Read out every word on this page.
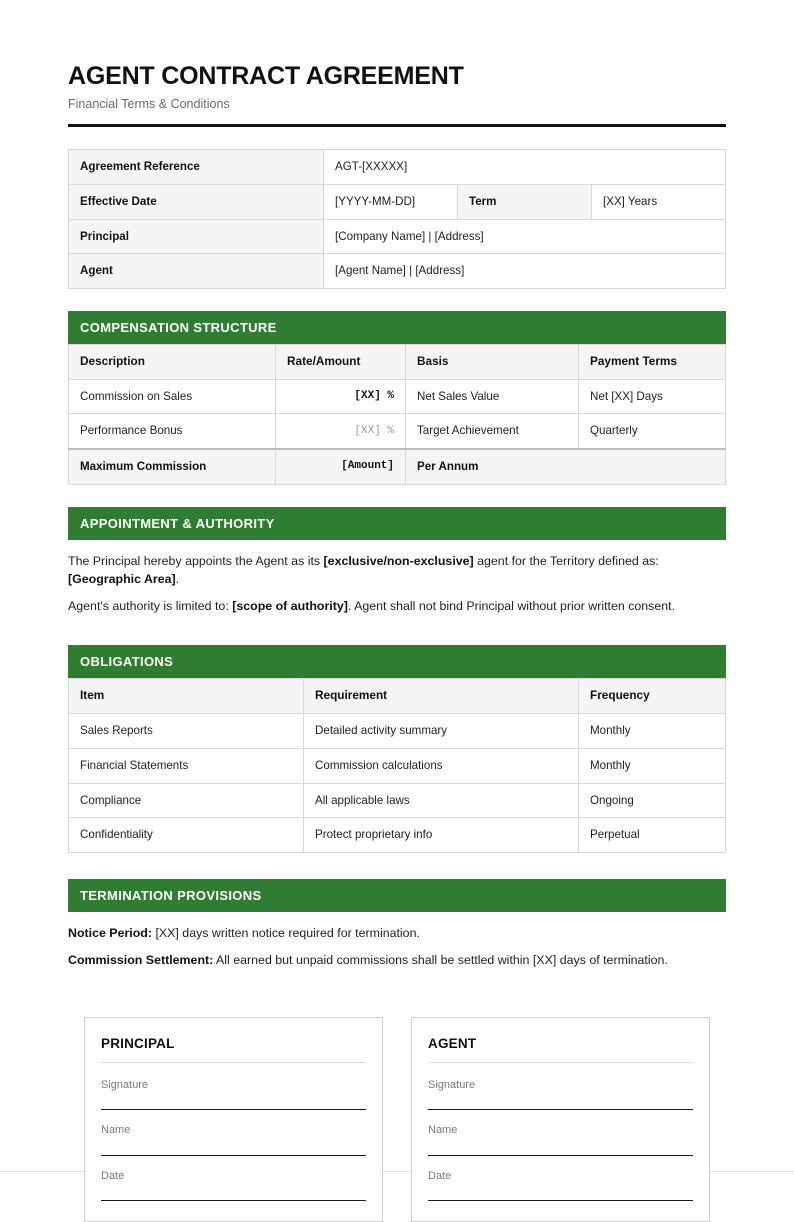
AGENT CONTRACT AGREEMENT

Financial Terms & Conditions

Agreement Reference	AGT-[XXXXX]		
Effective Date	[YYYY-MM-DD]	Term	[XX] Years
Principal	[Company Name] | [Address]		
Agent	[Agent Name] | [Address]		
COMPENSATION STRUCTURE
Description	Rate/Amount	Basis	Payment Terms
Commission on Sales	[XX] %	Net Sales Value	Net [XX] Days
Performance Bonus	[XX] %	Target Achievement	Quarterly
Maximum Commission	[Amount]	Per Annum	
APPOINTMENT & AUTHORITY

The Principal hereby appoints the Agent as its [exclusive/non-exclusive] agent for the Territory defined as: [Geographic Area].

Agent's authority is limited to: [scope of authority]. Agent shall not bind Principal without prior written consent.

OBLIGATIONS
Item	Requirement	Frequency
Sales Reports	Detailed activity summary	Monthly
Financial Statements	Commission calculations	Monthly
Compliance	All applicable laws	Ongoing
Confidentiality	Protect proprietary info	Perpetual
TERMINATION PROVISIONS

Notice Period: [XX] days written notice required for termination.

Commission Settlement: All earned but unpaid commissions shall be settled within [XX] days of termination.

PRINCIPAL
Signature
Name
Date
AGENT
Signature
Name
Date
